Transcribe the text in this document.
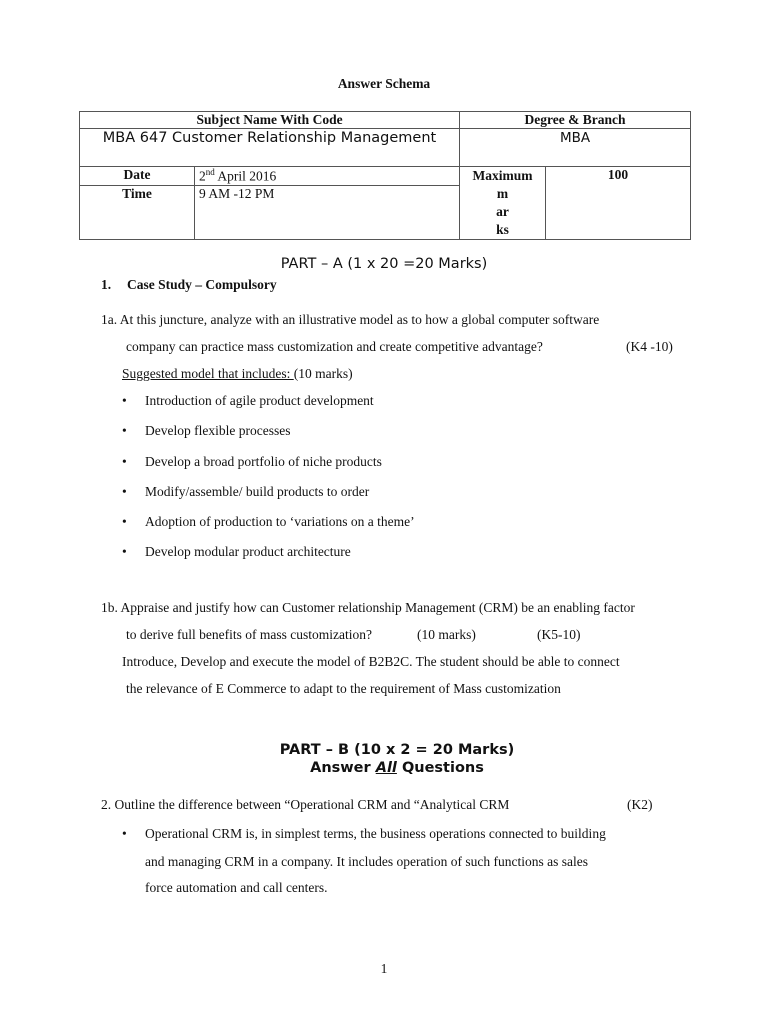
Answer Schema
Subject Name With Code		Degree & Branch	
MBA 647 Customer Relationship Management		MBA	
Date	2nd April 2016	Maximum
m
ar
ks	100
Time	9 AM -12 PM		
PART – A (1 x 20 =20 Marks)
1. Case Study – Compulsory
1a. At this juncture, analyze with an illustrative model as to how a global computer software
company can practice mass customization and create competitive advantage?	(K4 -10)
Suggested model that includes: (10 marks)
• Introduction of agile product development
• Develop flexible processes
• Develop a broad portfolio of niche products
• Modify/assemble/ build products to order
• Adoption of production to ‘variations on a theme’
• Develop modular product architecture
1b. Appraise and justify how can Customer relationship Management (CRM) be an enabling factor
to derive full benefits of mass customization?	(10 marks)	(K5-10)
Introduce, Develop and execute the model of B2B2C. The student should be able to connect
the relevance of E Commerce to adapt to the requirement of Mass customization
PART – B (10 x 2 = 20 Marks)
Answer All Questions
2. Outline the difference between “Operational CRM and “Analytical CRM	(K2)
• Operational CRM is, in simplest terms, the business operations connected to building
and managing CRM in a company. It includes operation of such functions as sales
force automation and call centers.
1
